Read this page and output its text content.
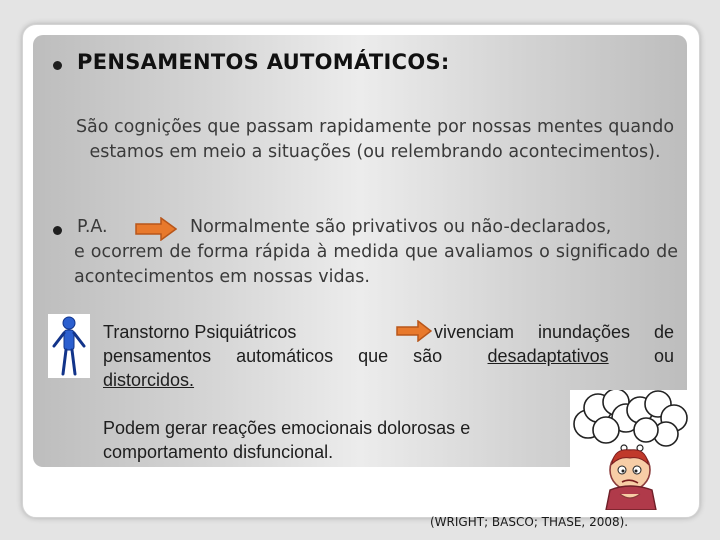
PENSAMENTOS AUTOMÁTICOS:

São cognições que passam rapidamente por nossas mentes quando estamos em meio a situações (ou relembrando acontecimentos).

P.A.	Normalmente são privativos ou não-declarados,

e ocorrem de forma rápida à medida que avaliamos o significado de acontecimentos em nossas vidas.

Transtorno Psiquiátricos	vivenciam inundações de
pensamentos automáticos que são	desadaptativos	ou
distorcidos.

Podem gerar reações emocionais dolorosas e comportamento disfuncional.

(WRIGHT; BASCO; THASE, 2008).
